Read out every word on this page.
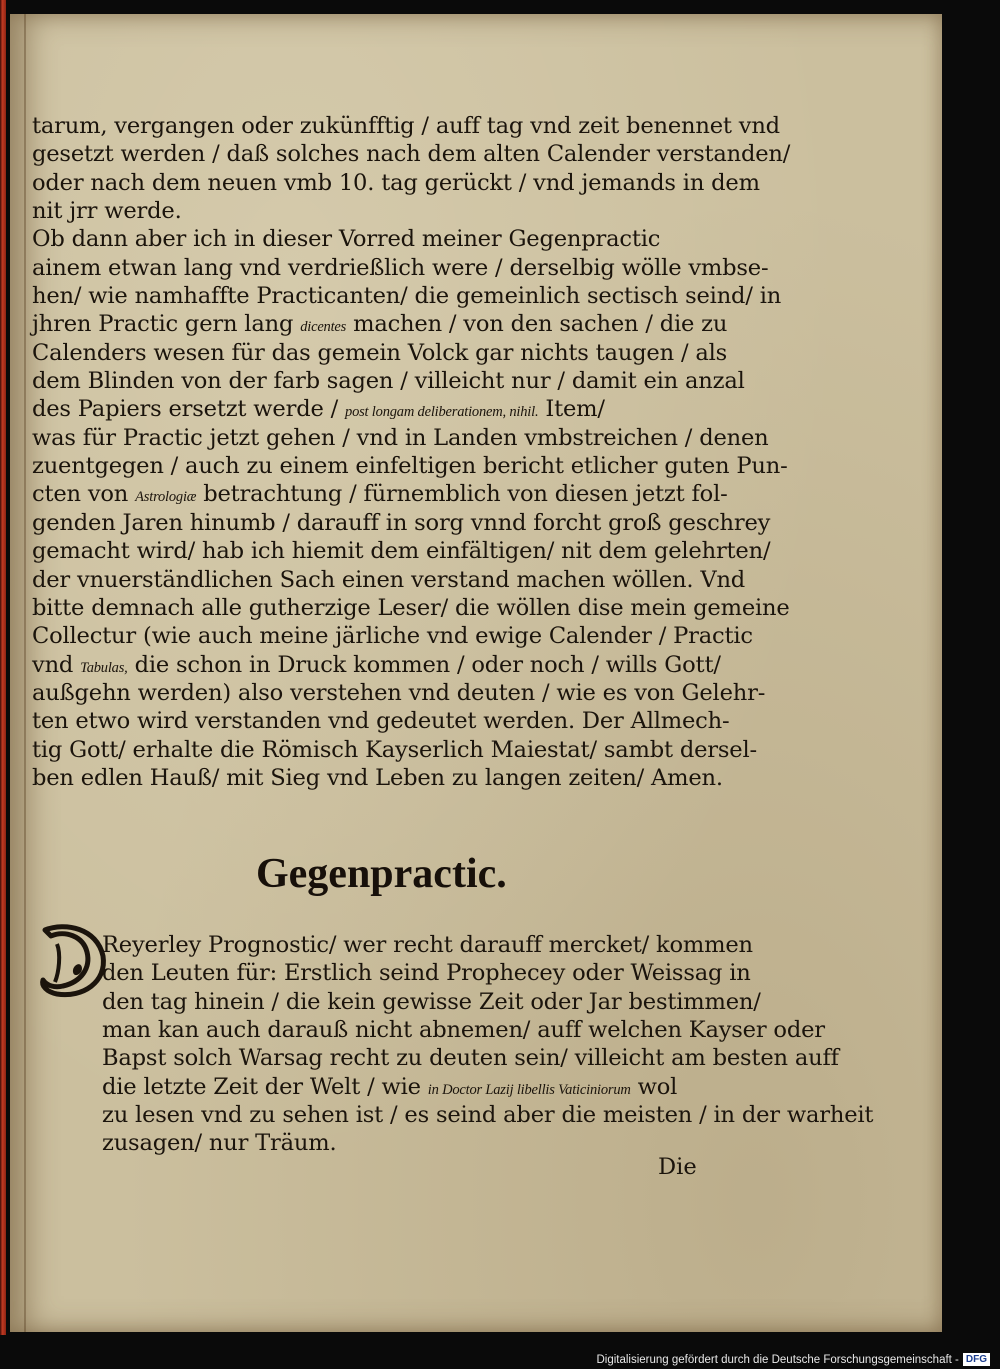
tarum, vergangen oder zukünfftig / auff tag vnd zeit benennet vnd
gesetzt werden / daß solches nach dem alten Calender verstanden/
oder nach dem neuen vmb 10. tag gerückt / vnd jemands in dem
nit jrr werde.
Ob dann aber ich in dieser Vorred meiner Gegenpractic
ainem etwan lang vnd verdrießlich were / derselbig wölle vmbse-
hen/ wie namhaffte Practicanten/ die gemeinlich sectisch seind/ in
jhren Practic gern lang dicentes machen / von den sachen / die zu
Calenders wesen für das gemein Volck gar nichts taugen / als
dem Blinden von der farb sagen / villeicht nur / damit ein anzal
des Papiers ersetzt werde / post longam deliberationem, nihil. Item/
was für Practic jetzt gehen / vnd in Landen vmbstreichen / denen
zuentgegen / auch zu einem einfeltigen bericht etlicher guten Pun-
cten von Astrologiæ betrachtung / fürnemblich von diesen jetzt fol-
genden Jaren hinumb / darauff in sorg vnnd forcht groß geschrey
gemacht wird/ hab ich hiemit dem einfältigen/ nit dem gelehrten/
der vnuerständlichen Sach einen verstand machen wöllen. Vnd
bitte demnach alle gutherzige Leser/ die wöllen dise mein gemeine
Collectur (wie auch meine järliche vnd ewige Calender / Practic
vnd Tabulas, die schon in Druck kommen / oder noch / wills Gott/
außgehn werden) also verstehen vnd deuten / wie es von Gelehr-
ten etwo wird verstanden vnd gedeutet werden. Der Allmech-
tig Gott/ erhalte die Römisch Kayserlich Maiestat/ sambt dersel-
ben edlen Hauß/ mit Sieg vnd Leben zu langen zeiten/ Amen.
Gegenpractic.
Reyerley Prognostic/ wer recht darauff mercket/ kommen
den Leuten für: Erstlich seind Prophecey oder Weissag in
den tag hinein / die kein gewisse Zeit oder Jar bestimmen/
man kan auch darauß nicht abnemen/ auff welchen Kayser oder
Bapst solch Warsag recht zu deuten sein/ villeicht am besten auff
die letzte Zeit der Welt / wie in Doctor Lazij libellis Vaticiniorum wol
zu lesen vnd zu sehen ist / es seind aber die meisten / in der warheit
zusagen/ nur Träum.
Die
Digitalisierung gefördert durch die Deutsche Forschungsgemeinschaft - DFG
